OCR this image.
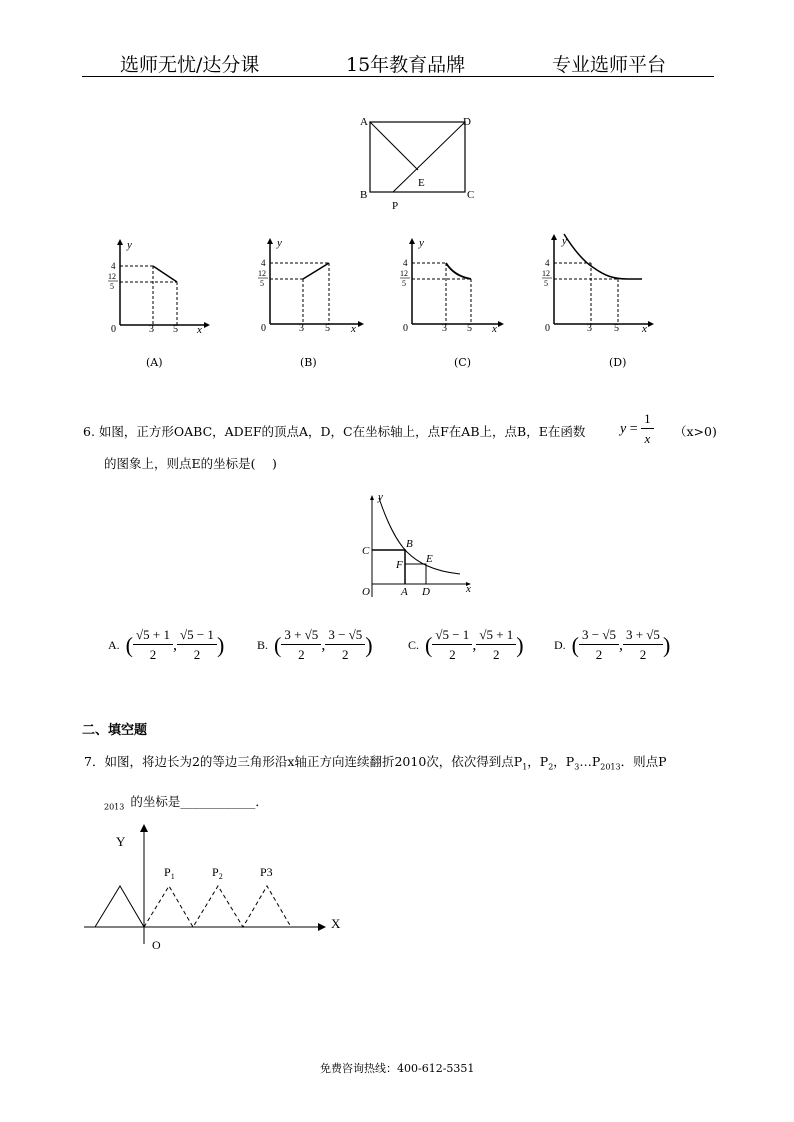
选师无忧/达分课	15年教育品牌	专业选师平台
A	D
B	C
E
P
y
x
0
4
12
5
3 5
(A)
y
x
0
4
12
5
3 5
(B)
y
x
0
4
12
5
3 5
(C)
y
x
0
4
12
5
3 5
(D)
6. 如图，正方形OABC，ADEF的顶点A，D，C在坐标轴上，点F在AB上，点B，E在函数 $y = \frac{1}{x} (x>0)$
的图象上，则点E的坐标是(　 )
y
x
O
C
B
F E
A D
A. ( $\frac{√5 + 1}{2}$ , $\frac{√5 - 1}{2}$ )	B. ( $\frac{3 + √5}{2}$ , $\frac{3 - √5}{2}$ )	C. ( $\frac{√5 - 1}{2}$ , $\frac{√5 + 1}{2}$ )	D. ( $\frac{3 - √5}{2}$ , $\frac{3 + √5}{2}$ )
二、填空题
7．如图，将边长为2的等边三角形沿x轴正方向连续翻折2010次，依次得到点$P_1$，$P_2$，$P_3\dots P_{2013}$．则点P
$_{2013}$ 的坐标是____________．
Y
X
O
$P_1$	$P_2$	P3
免费咨询热线：400-612-5351
